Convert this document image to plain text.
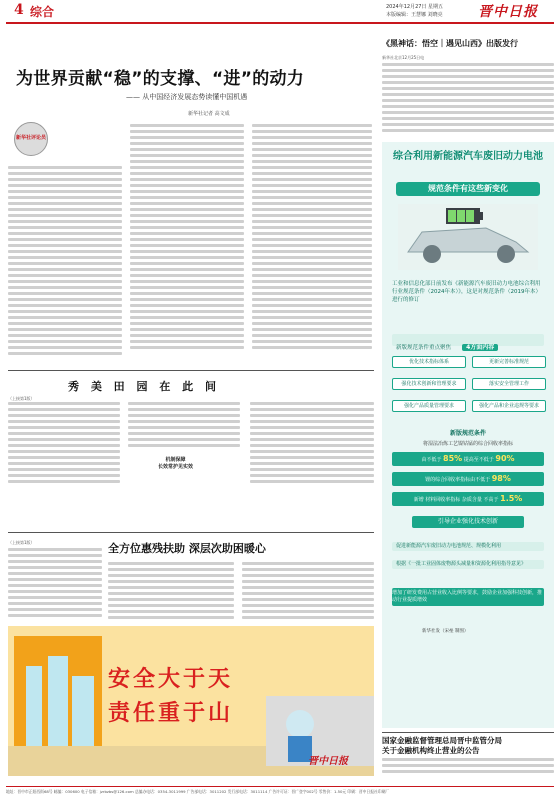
4 综合	2024年12月27日 星期五
本版编辑：王慧娜 刘晓亮	晋中日报
为世界贡献“稳”的支撑、“进”的动力
—— 从中国经济发展态势读懂中国机遇
新华社记者 高文成
新华社评论员
《黑神话：悟空｜遇见山西》出版发行
新华社北京12月25日电
综合利用新能源汽车废旧动力电池
规范条件有这些新变化
工业和信息化部日前发布《新能源汽车废旧动力电池综合利用行业规范条件（2024年本）》，这是对规范条件（2019年本）进行的修订
新版规范条件重点聚焦	4方面内容
优化技术指标体系	更新完善标准规范
强化技术创新和管理要求	落实安全管理工作
强化产品质量管理要求	强化产品和企业违规等要求
新版规范条件
将湿法冶炼工艺镍钴锰的综合回收率指标
由不低于 85% 提高至不低于 90%
锂的综合回收率指标由不低于 98%
新增 材料回收率指标 杂质含量 不高于 1.5%
引导企业强化技术创新
促进新能源汽车废旧动力电池规范、规模化利用
根据《一批工业固体废物源头减量和资源化利用指导意见》
增加了研发费用占营业收入比例等要求，鼓励企业加强科技创新，推动行业提质增效
新华社发（宋垒 制图）
秀 美 田 园 在 此 间
（上接第1版）
机制保障
长效常护见实效
全方位惠残扶助 深层次助困暖心
（上接第1版）
安全大于天
责任重于山
晋中日报
国家金融监督管理总局晋中监管分局
关于金融机构终止营业的公告
地址：晋中市正阳西街68号 邮编：030600 电子信箱：jzrbzbs@126.com 总编办电话：0354-3011999 广告部电话：3011202 发行部电话：3011114 广告许可证：晋广登字002号 零售价：1.50元 印刷：晋中日报社印刷厂
